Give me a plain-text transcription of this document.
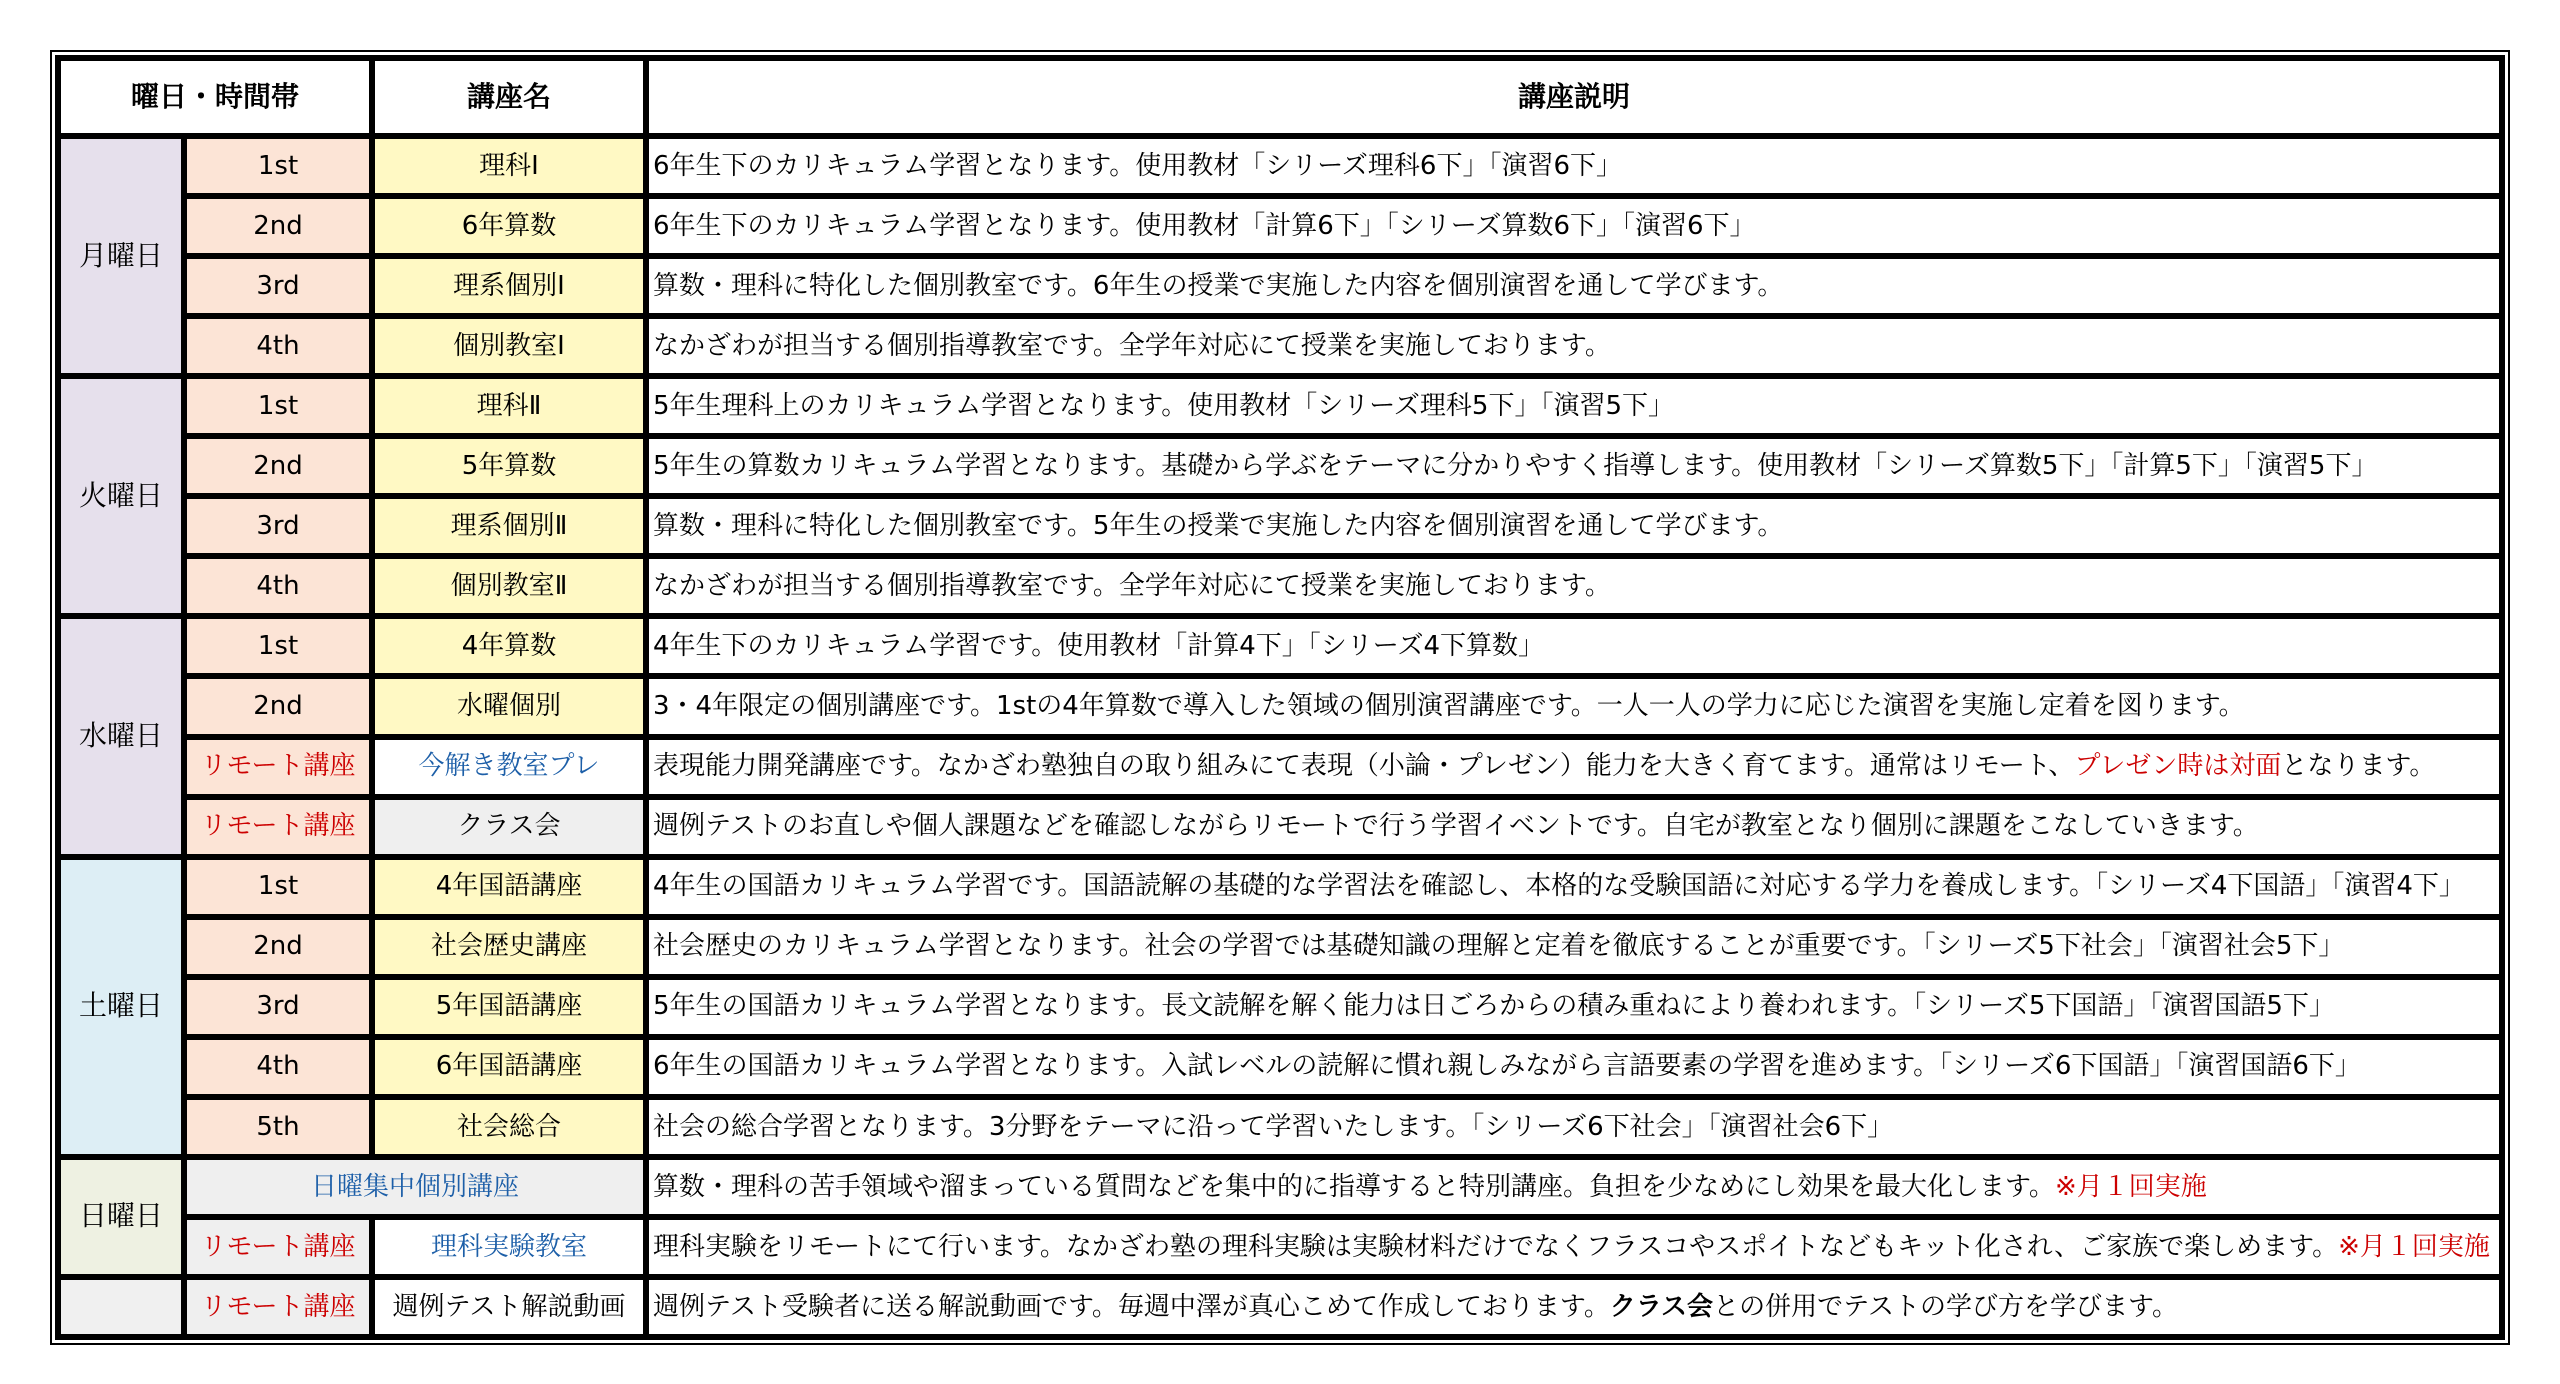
曜日・時間帯		講座名	講座説明
月曜日	1st	理科Ⅰ	6年生下のカリキュラム学習となります。使用教材「シリーズ理科6下」「演習6下」
	2nd	6年算数	6年生下のカリキュラム学習となります。使用教材「計算6下」「シリーズ算数6下」「演習6下」
	3rd	理系個別Ⅰ	算数・理科に特化した個別教室です。6年生の授業で実施した内容を個別演習を通して学びます。
	4th	個別教室Ⅰ	なかざわが担当する個別指導教室です。全学年対応にて授業を実施しております。
火曜日	1st	理科Ⅱ	5年生理科上のカリキュラム学習となります。使用教材「シリーズ理科5下」「演習5下」
	2nd	5年算数	5年生の算数カリキュラム学習となります。基礎から学ぶをテーマに分かりやすく指導します。使用教材「シリーズ算数5下」「計算5下」「演習5下」
	3rd	理系個別Ⅱ	算数・理科に特化した個別教室です。5年生の授業で実施した内容を個別演習を通して学びます。
	4th	個別教室Ⅱ	なかざわが担当する個別指導教室です。全学年対応にて授業を実施しております。
水曜日	1st	4年算数	4年生下のカリキュラム学習です。使用教材「計算4下」「シリーズ4下算数」
	2nd	水曜個別	3・4年限定の個別講座です。1stの4年算数で導入した領域の個別演習講座です。一人一人の学力に応じた演習を実施し定着を図ります。
	リモート講座	今解き教室プレ	表現能力開発講座です。なかざわ塾独自の取り組みにて表現（小論・プレゼン）能力を大きく育てます。通常はリモート、プレゼン時は対面となります。
	リモート講座	クラス会	週例テストのお直しや個人課題などを確認しながらリモートで行う学習イベントです。自宅が教室となり個別に課題をこなしていきます。
土曜日	1st	4年国語講座	4年生の国語カリキュラム学習です。国語読解の基礎的な学習法を確認し、本格的な受験国語に対応する学力を養成します。「シリーズ4下国語」「演習4下」
	2nd	社会歴史講座	社会歴史のカリキュラム学習となります。社会の学習では基礎知識の理解と定着を徹底することが重要です。「シリーズ5下社会」「演習社会5下」
	3rd	5年国語講座	5年生の国語カリキュラム学習となります。長文読解を解く能力は日ごろからの積み重ねにより養われます。「シリーズ5下国語」「演習国語5下」
	4th	6年国語講座	6年生の国語カリキュラム学習となります。入試レベルの読解に慣れ親しみながら言語要素の学習を進めます。「シリーズ6下国語」「演習国語6下」
	5th	社会総合	社会の総合学習となります。3分野をテーマに沿って学習いたします。「シリーズ6下社会」「演習社会6下」
日曜日	日曜集中個別講座		算数・理科の苦手領域や溜まっている質問などを集中的に指導すると特別講座。負担を少なめにし効果を最大化します。※月１回実施
	リモート講座	理科実験教室	理科実験をリモートにて行います。なかざわ塾の理科実験は実験材料だけでなくフラスコやスポイトなどもキット化され、ご家族で楽しめます。※月１回実施
	リモート講座	週例テスト解説動画	週例テスト受験者に送る解説動画です。毎週中澤が真心こめて作成しております。クラス会との併用でテストの学び方を学びます。
